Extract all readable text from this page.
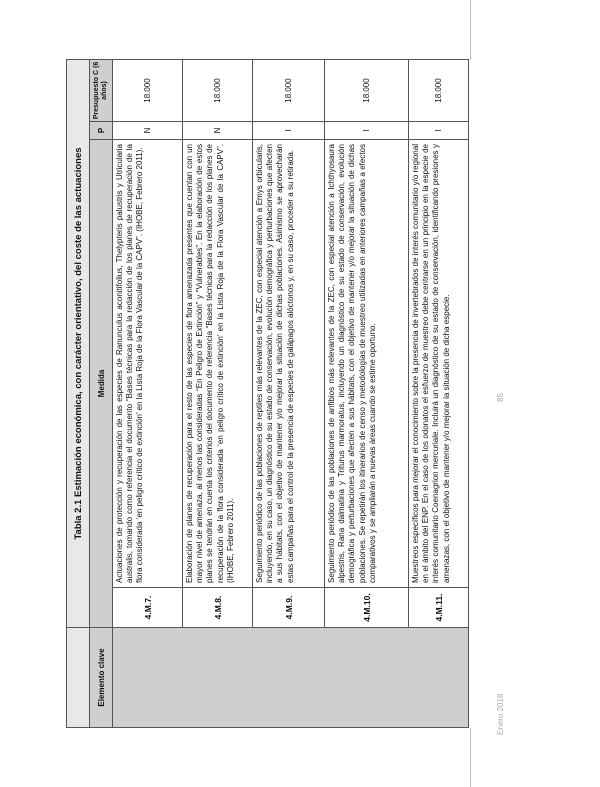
Enero 2018
85
	Tabla 2.1 Estimación económica, con carácter orientativo, del coste de las actuaciones			
Elemento clave	Medida		P	Presupuesto C (6 años)
	4.M.7.	Actuaciones de protección y recuperación de las especies de Ranunculus aconitifolius, Thelypteris palustris y Utricularia australis, tomando como referencia el documento “Bases técnicas para la redacción de los planes de recuperación de la flora considerada ‘en peligro crítico de extinción’ en la Lista Roja de la Flora Vascular de la CAPV”. (IHOBE, Febrero 2011).	N	18.000
	4.M.8.	Elaboración de planes de recuperación para el resto de las especies de flora amenazada presentes que cuentan con un mayor nivel de amenaza, al menos las consideradas “En Peligro de Extinción” y “Vulnerables”. En la elaboración de estos planes se tendrán en cuenta los criterios del documento de referencia “Bases técnicas para la redacción de los planes de recuperación de la flora considerada ‘en peligro crítico de extinción’ en la Lista Roja de la Flora Vascular de la CAPV”. (IHOBE, Febrero 2011).	N	18.000
	4.M.9.	Seguimiento periódico de las poblaciones de reptiles más relevantes de la ZEC, con especial atención a Emys orbicularis, incluyendo, en su caso, un diagnóstico de su estado de conservación, evolución demográfica y perturbaciones que afecten a sus hábitats, con el objetivo de mantener y/o mejorar la situación de dichas poblaciones. Asimismo se aprovecharán estas campañas para el control de la presencia de especies de galápagos alóctonos y, en su caso, proceder a su retirada.	I	18.000
	4.M.10.	Seguimiento periódico de las poblaciones de anfibios más relevantes de la ZEC, con especial atención a Ichthyosaura alpestris, Rana dalmatina y Triturus marmoratus, incluyendo un diagnóstico de su estado de conservación, evolución demográfica y perturbaciones que afecten a sus hábitats, con el objetivo de mantener y/o mejorar la situación de dichas poblaciones. Se repetirán los itinerarios de censo y metodologías de muestreo utilizadas en anteriores campañas a efectos comparativos y se ampliarán a nuevas áreas cuando se estime oportuno.	I	18.000
	4.M.11.	Muestreos específicos para mejorar el conocimiento sobre la presencia de invertebrados de interés comunitario y/o regional en el ámbito del ENP. En el caso de los odonatos el esfuerzo de muestreo debe centrarse en un principio en la especie de interés comunitario Coenagrion mercuriale. Incluirá un diagnóstico de su estado de conservación, identificando presiones y amenazas, con el objetivo de mantener y/o mejorar la situación de dicha especie.	I	18.000
